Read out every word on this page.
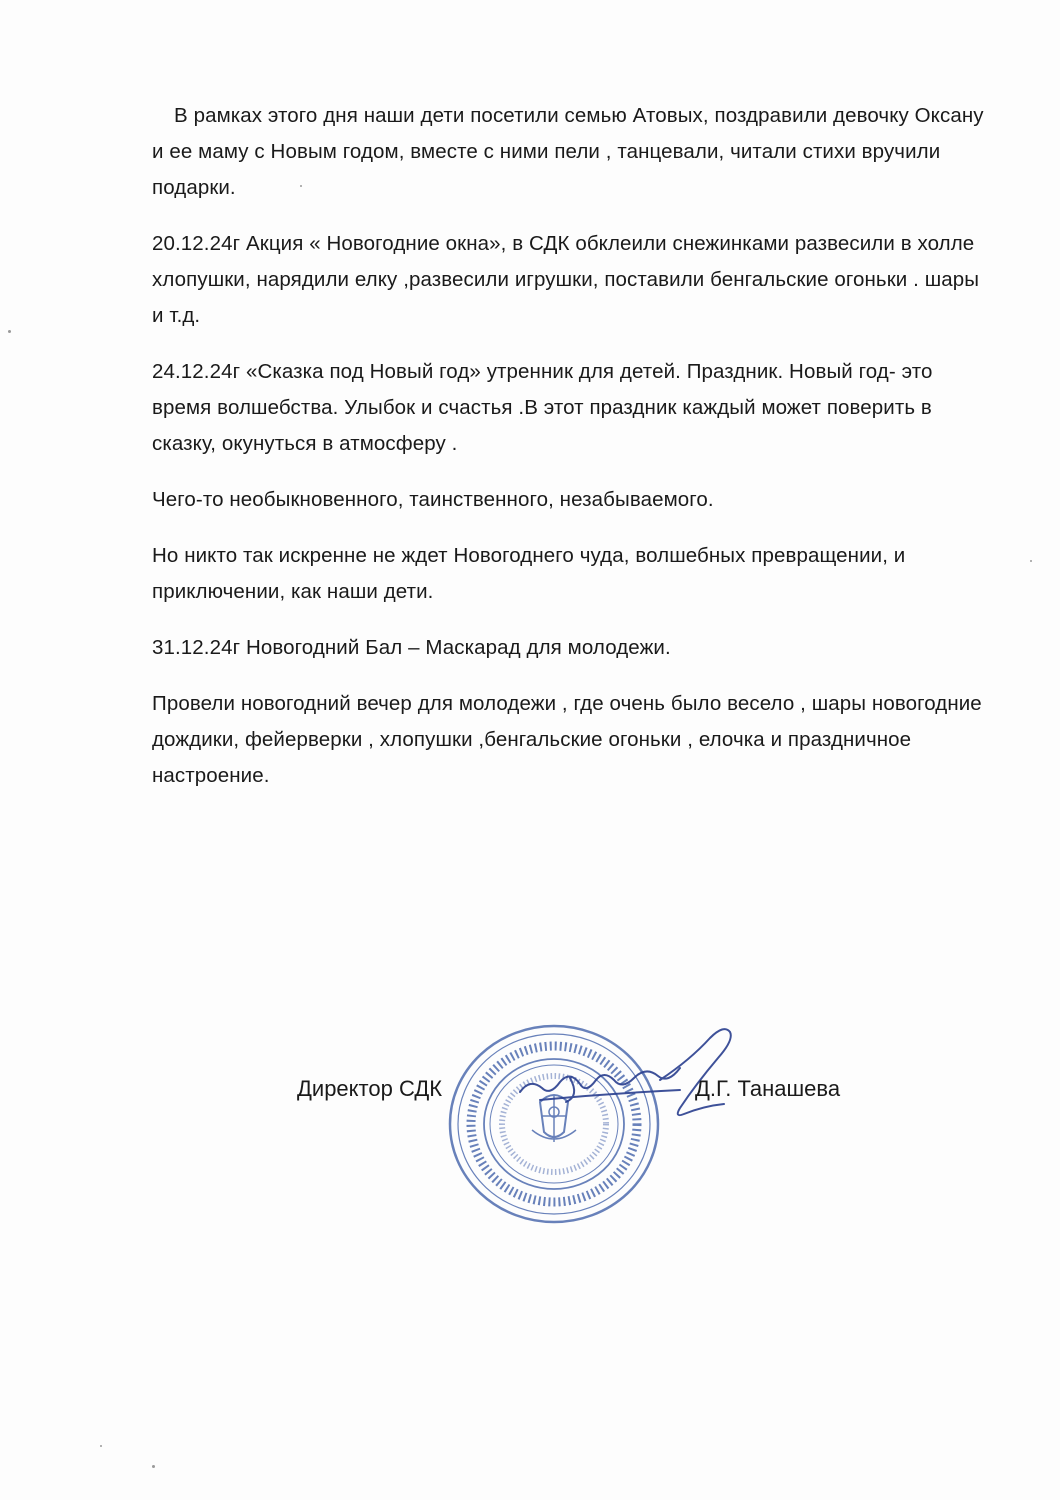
В рамках этого дня наши дети посетили семью Атовых, поздравили девочку Оксану и ее маму с Новым годом, вместе с ними пели , танцевали, читали стихи вручили подарки.

20.12.24г Акция « Новогодние окна», в СДК обклеили снежинками развесили в холле хлопушки, нарядили елку ,развесили игрушки, поставили бенгальские огоньки . шары и т.д.

24.12.24г «Сказка под Новый год» утренник для детей. Праздник. Новый год- это время волшебства. Улыбок и счастья .В этот праздник каждый может поверить в сказку, окунуться в атмосферу .

Чего-то необыкновенного, таинственного, незабываемого.

Но никто так искренне не ждет Новогоднего чуда, волшебных превращении, и приключении, как наши дети.

31.12.24г Новогодний Бал – Маскарад для молодежи.

Провели новогодний вечер для молодежи , где очень было весело , шары новогодние дождики, фейерверки , хлопушки ,бенгальские огоньки , елочка и праздничное настроение.

Директор СДК	Д.Г. Танашева
